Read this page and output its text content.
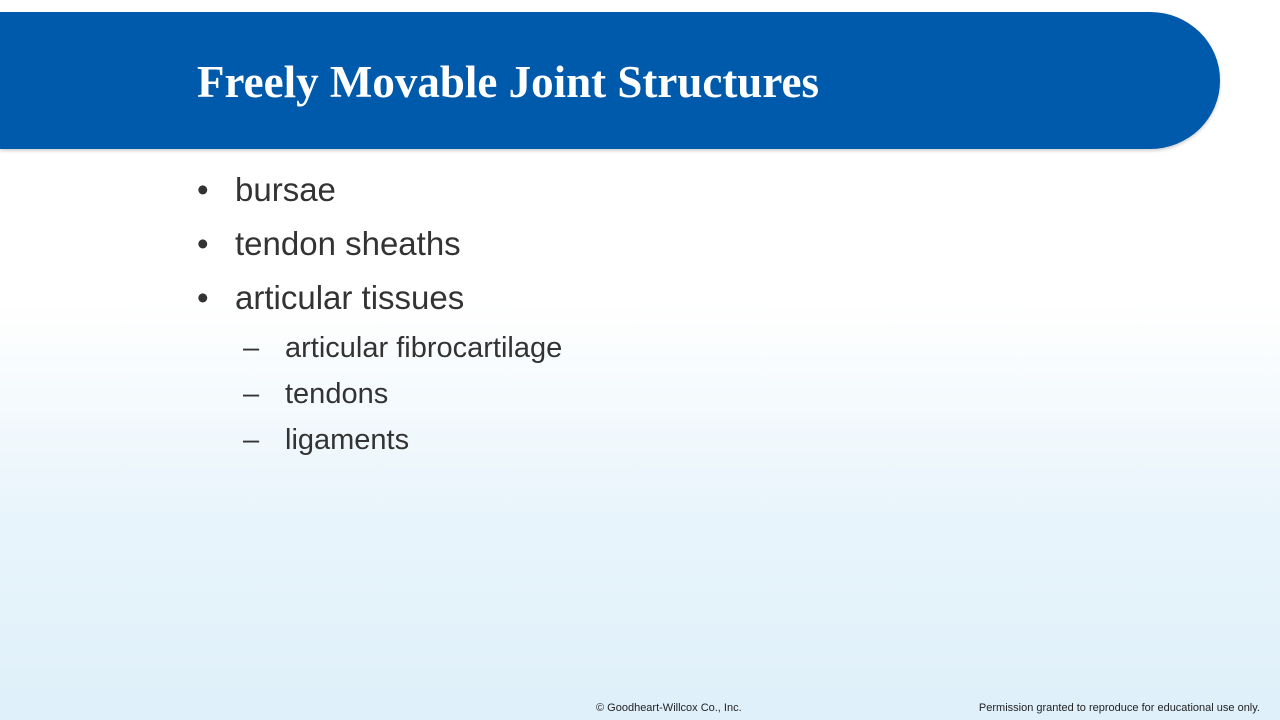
Freely Movable Joint Structures
• bursae
• tendon sheaths
• articular tissues
– articular fibrocartilage
– tendons
– ligaments
© Goodheart-Willcox Co., Inc.	Permission granted to reproduce for educational use only.
